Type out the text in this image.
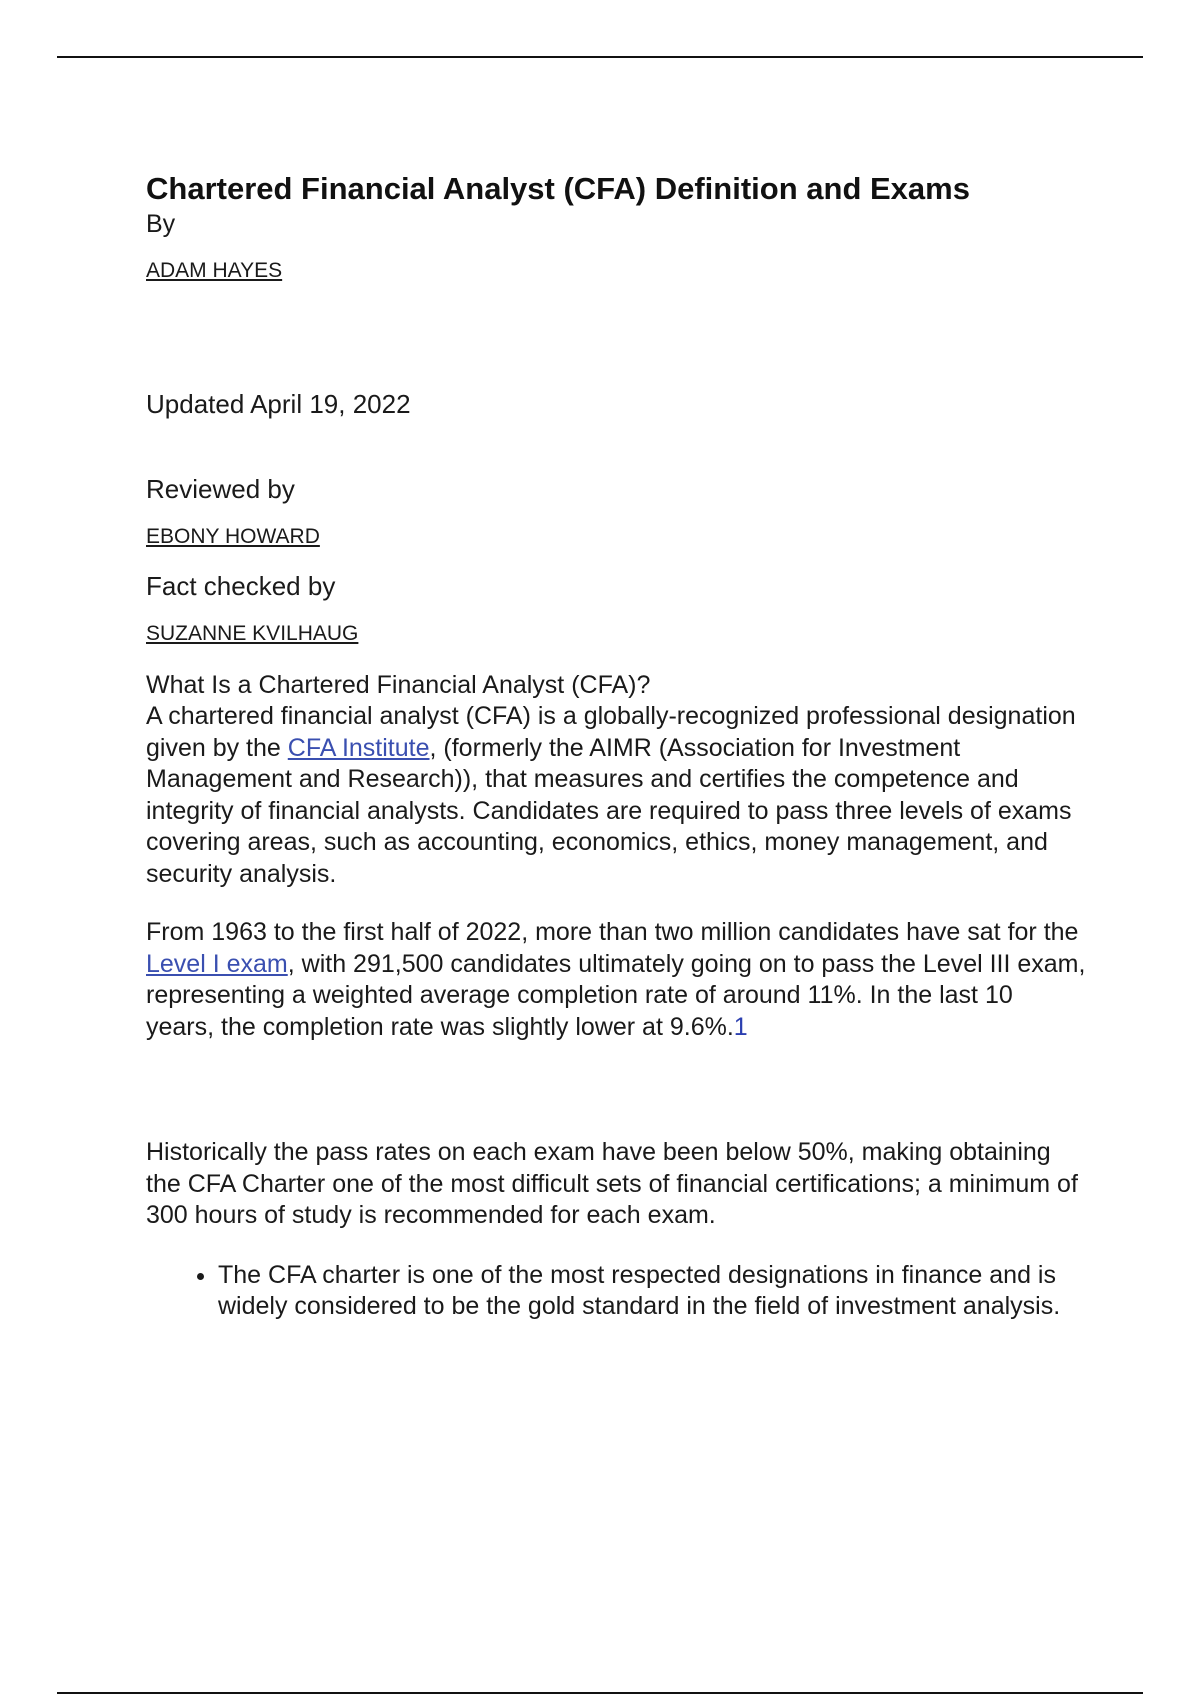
Chartered Financial Analyst (CFA) Definition and Exams

By

ADAM HAYES
Updated April 19, 2022
Reviewed by
EBONY HOWARD
Fact checked by
SUZANNE KVILHAUG
What Is a Chartered Financial Analyst (CFA)?

A chartered financial analyst (CFA) is a globally-recognized professional designation given by the CFA Institute, (formerly the AIMR (Association for Investment Management and Research)), that measures and certifies the competence and integrity of financial analysts. Candidates are required to pass three levels of exams covering areas, such as accounting, economics, ethics, money management, and security analysis.

From 1963 to the first half of 2022, more than two million candidates have sat for the Level I exam, with 291,500 candidates ultimately going on to pass the Level III exam, representing a weighted average completion rate of around 11%. In the last 10 years, the completion rate was slightly lower at 9.6%.1

Historically the pass rates on each exam have been below 50%, making obtaining the CFA Charter one of the most difficult sets of financial certifications; a minimum of 300 hours of study is recommended for each exam.

• The CFA charter is one of the most respected designations in finance and is widely considered to be the gold standard in the field of investment analysis.
